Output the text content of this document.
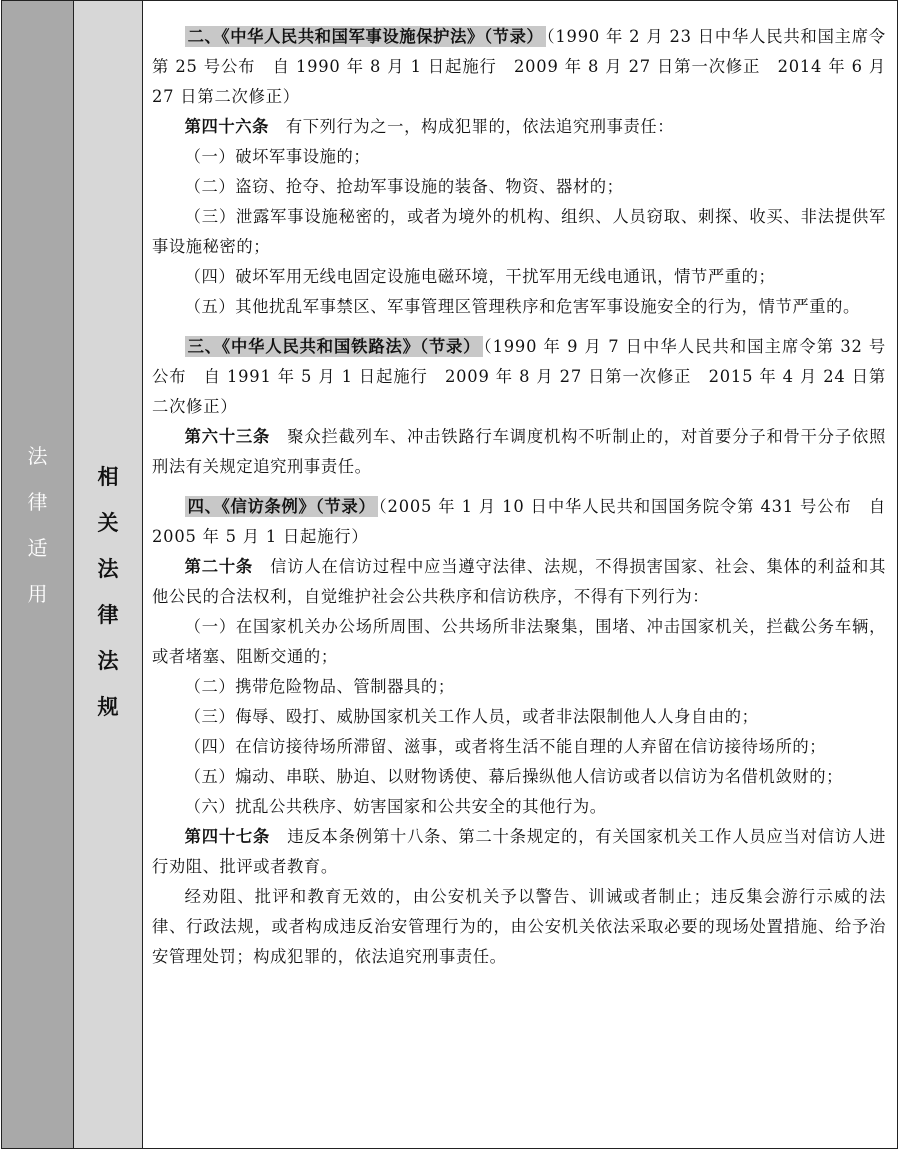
法
律
适
用
相
关
法
律
法
规

二、《中华人民共和国军事设施保护法》（节录） （1990 年 2 月 23 日中华人民共和国主席令第 25 号公布　自 1990 年 8 月 1 日起施行　2009 年 8 月 27 日第一次修正　2014 年 6 月 27 日第二次修正）

第四十六条　有下列行为之一，构成犯罪的，依法追究刑事责任：

（一）破坏军事设施的；

（二）盗窃、抢夺、抢劫军事设施的装备、物资、器材的；

（三）泄露军事设施秘密的，或者为境外的机构、组织、人员窃取、刺探、收买、非法提供军事设施秘密的；

（四）破坏军用无线电固定设施电磁环境，干扰军用无线电通讯，情节严重的；

（五）其他扰乱军事禁区、军事管理区管理秩序和危害军事设施安全的行为，情节严重的。

三、《中华人民共和国铁路法》（节录） （1990 年 9 月 7 日中华人民共和国主席令第 32 号公布　自 1991 年 5 月 1 日起施行　2009 年 8 月 27 日第一次修正　2015 年 4 月 24 日第二次修正）

第六十三条　聚众拦截列车、冲击铁路行车调度机构不听制止的，对首要分子和骨干分子依照刑法有关规定追究刑事责任。

四、《信访条例》（节录） （2005 年 1 月 10 日中华人民共和国国务院令第 431 号公布　自 2005 年 5 月 1 日起施行）

第二十条　信访人在信访过程中应当遵守法律、法规，不得损害国家、社会、集体的利益和其他公民的合法权利，自觉维护社会公共秩序和信访秩序，不得有下列行为：

（一）在国家机关办公场所周围、公共场所非法聚集，围堵、冲击国家机关，拦截公务车辆，或者堵塞、阻断交通的；

（二）携带危险物品、管制器具的；

（三）侮辱、殴打、威胁国家机关工作人员，或者非法限制他人人身自由的；

（四）在信访接待场所滞留、滋事，或者将生活不能自理的人弃留在信访接待场所的；

（五）煽动、串联、胁迫、以财物诱使、幕后操纵他人信访或者以信访为名借机敛财的；

（六）扰乱公共秩序、妨害国家和公共安全的其他行为。

第四十七条　违反本条例第十八条、第二十条规定的，有关国家机关工作人员应当对信访人进行劝阻、批评或者教育。

经劝阻、批评和教育无效的，由公安机关予以警告、训诫或者制止；违反集会游行示威的法律、行政法规，或者构成违反治安管理行为的，由公安机关依法采取必要的现场处置措施、给予治安管理处罚；构成犯罪的，依法追究刑事责任。
